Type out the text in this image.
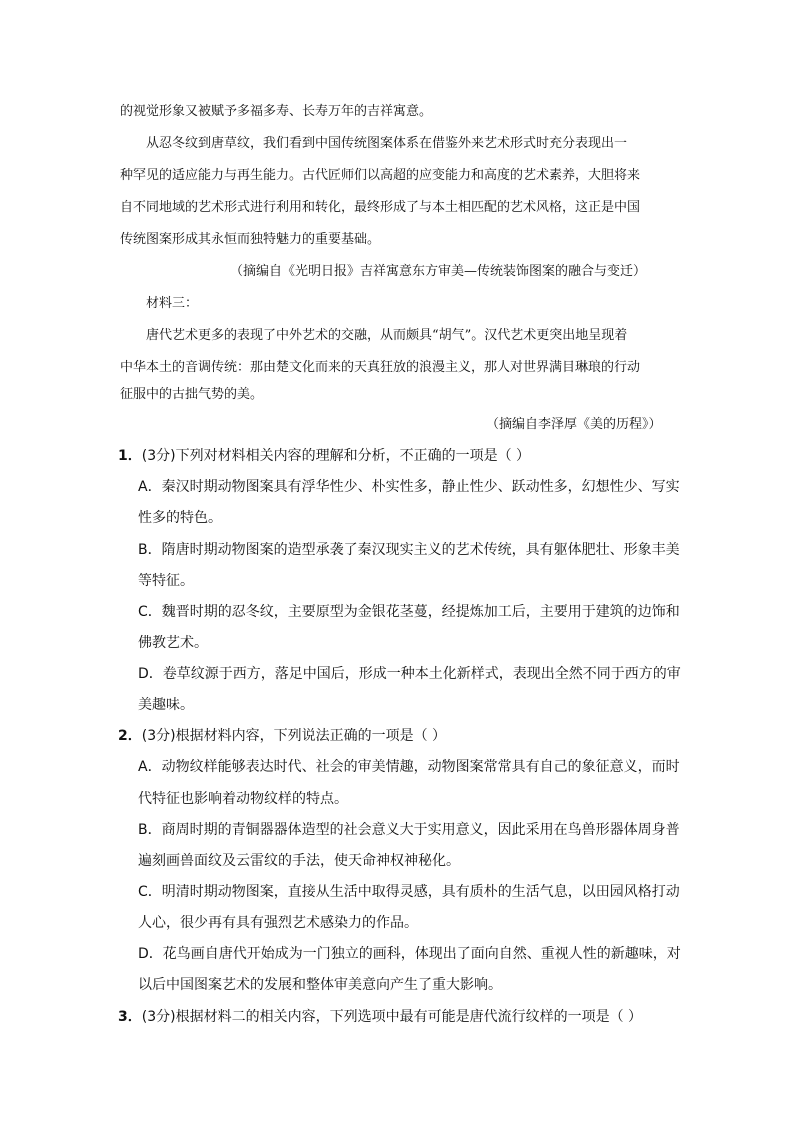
的视觉形象又被赋予多福多寿、长寿万年的吉祥寓意。
从忍冬纹到唐草纹，我们看到中国传统图案体系在借鉴外来艺术形式时充分表现出一
种罕见的适应能力与再生能力。古代匠师们以高超的应变能力和高度的艺术素养，大胆将来
自不同地域的艺术形式进行利用和转化，最终形成了与本土相匹配的艺术风格，这正是中国
传统图案形成其永恒而独特魅力的重要基础。
（摘编自《光明日报》吉祥寓意东方审美—传统装饰图案的融合与变迁）
材料三：
唐代艺术更多的表现了中外艺术的交融，从而颇具“胡气”。汉代艺术更突出地呈现着
中华本土的音调传统：那由楚文化而来的天真狂放的浪漫主义，那人对世界满目琳琅的行动
征服中的古拙气势的美。
（摘编自李泽厚《美的历程》）
1．(3分)下列对材料相关内容的理解和分析，不正确的一项是（ ）
A．秦汉时期动物图案具有浮华性少、朴实性多，静止性少、跃动性多，幻想性少、写实
性多的特色。
B．隋唐时期动物图案的造型承袭了秦汉现实主义的艺术传统，具有躯体肥壮、形象丰美
等特征。
C．魏晋时期的忍冬纹，主要原型为金银花茎蔓，经提炼加工后，主要用于建筑的边饰和
佛教艺术。
D．卷草纹源于西方，落足中国后，形成一种本土化新样式，表现出全然不同于西方的审
美趣味。
2．(3分)根据材料内容，下列说法正确的一项是（ ）
A．动物纹样能够表达时代、社会的审美情趣，动物图案常常具有自己的象征意义，而时
代特征也影响着动物纹样的特点。
B．商周时期的青铜器器体造型的社会意义大于实用意义，因此采用在鸟兽形器体周身普
遍刻画兽面纹及云雷纹的手法，使天命神权神秘化。
C．明清时期动物图案，直接从生活中取得灵感，具有质朴的生活气息，以田园风格打动
人心，很少再有具有强烈艺术感染力的作品。
D．花鸟画自唐代开始成为一门独立的画科，体现出了面向自然、重视人性的新趣味，对
以后中国图案艺术的发展和整体审美意向产生了重大影响。
3．(3分)根据材料二的相关内容，下列选项中最有可能是唐代流行纹样的一项是（ ）
